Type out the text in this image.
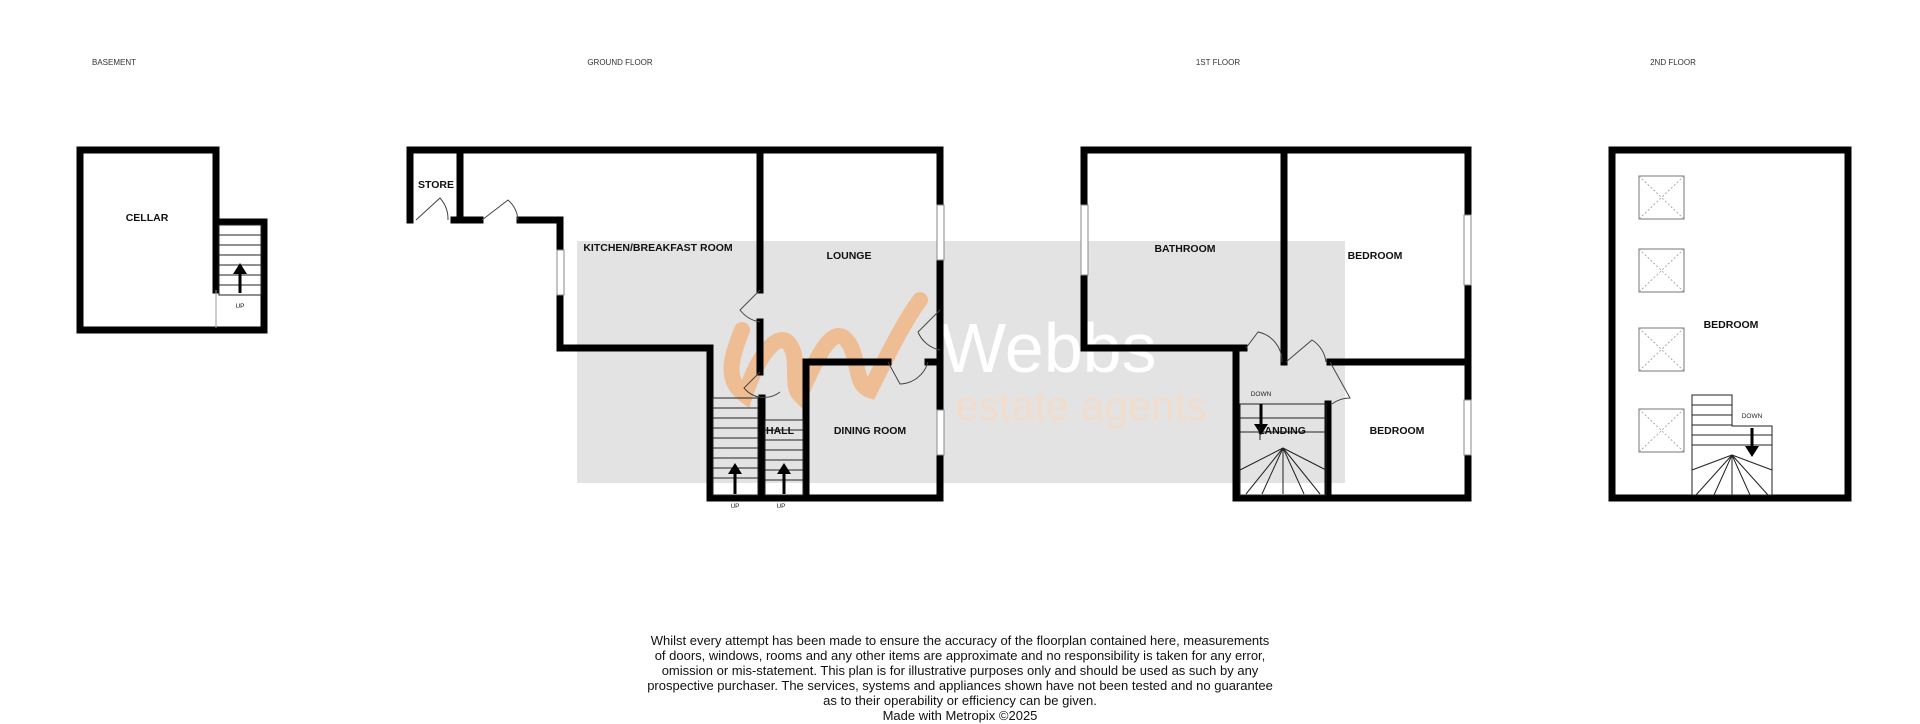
Webbs
estate agents
BASEMENT	GROUND FLOOR	1ST FLOOR	2ND FLOOR
CELLAR
UP
STORE
KITCHEN/BREAKFAST ROOM
LOUNGE
HALL	DINING ROOM
UP	UP
BATHROOM
BEDROOM
LANDING	BEDROOM
DOWN
BEDROOM
DOWN
Whilst every attempt has been made to ensure the accuracy of the floorplan contained here, measurements
of doors, windows, rooms and any other items are approximate and no responsibility is taken for any error,
omission or mis-statement. This plan is for illustrative purposes only and should be used as such by any
prospective purchaser. The services, systems and appliances shown have not been tested and no guarantee
as to their operability or efficiency can be given.
Made with Metropix ©2025
